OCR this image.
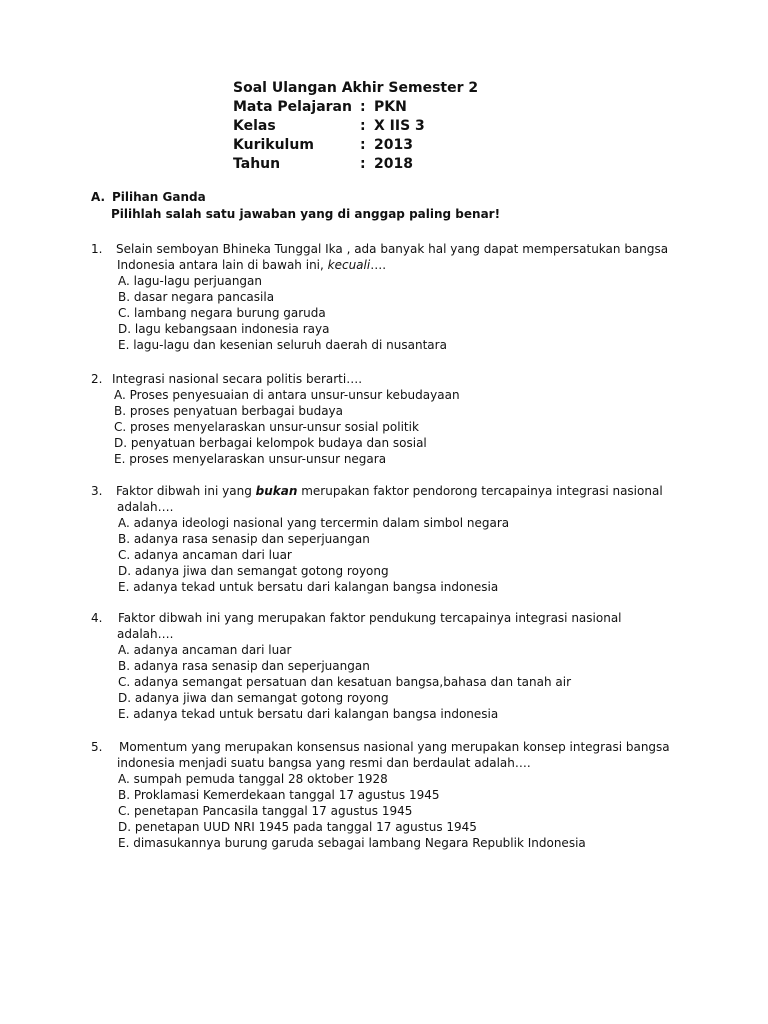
Soal Ulangan Akhir Semester 2
Mata Pelajaran : PKN
Kelas	: X IIS 3
Kurikulum	: 2013
Tahun	: 2018
A. Pilihan Ganda
Pilihlah salah satu jawaban yang di anggap paling benar!
1. Selain semboyan Bhineka Tunggal Ika , ada banyak hal yang dapat mempersatukan bangsa
Indonesia antara lain di bawah ini, kecuali….
A. lagu-lagu perjuangan
B. dasar negara pancasila
C. lambang negara burung garuda
D. lagu kebangsaan indonesia raya
E. lagu-lagu dan kesenian seluruh daerah di nusantara
2. Integrasi nasional secara politis berarti….
A. Proses penyesuaian di antara unsur-unsur kebudayaan
B. proses penyatuan berbagai budaya
C. proses menyelaraskan unsur-unsur sosial politik
D. penyatuan berbagai kelompok budaya dan sosial
E. proses menyelaraskan unsur-unsur negara
3. Faktor dibwah ini yang bukan merupakan faktor pendorong tercapainya integrasi nasional
adalah….
A. adanya ideologi nasional yang tercermin dalam simbol negara
B. adanya rasa senasip dan seperjuangan
C. adanya ancaman dari luar
D. adanya jiwa dan semangat gotong royong
E. adanya tekad untuk bersatu dari kalangan bangsa indonesia
4. Faktor dibwah ini yang merupakan faktor pendukung tercapainya integrasi nasional
adalah….
A. adanya ancaman dari luar
B. adanya rasa senasip dan seperjuangan
C. adanya semangat persatuan dan kesatuan bangsa,bahasa dan tanah air
D. adanya jiwa dan semangat gotong royong
E. adanya tekad untuk bersatu dari kalangan bangsa indonesia
5. Momentum yang merupakan konsensus nasional yang merupakan konsep integrasi bangsa
indonesia menjadi suatu bangsa yang resmi dan berdaulat adalah….
A. sumpah pemuda tanggal 28 oktober 1928
B. Proklamasi Kemerdekaan tanggal 17 agustus 1945
C. penetapan Pancasila tanggal 17 agustus 1945
D. penetapan UUD NRI 1945 pada tanggal 17 agustus 1945
E. dimasukannya burung garuda sebagai lambang Negara Republik Indonesia
